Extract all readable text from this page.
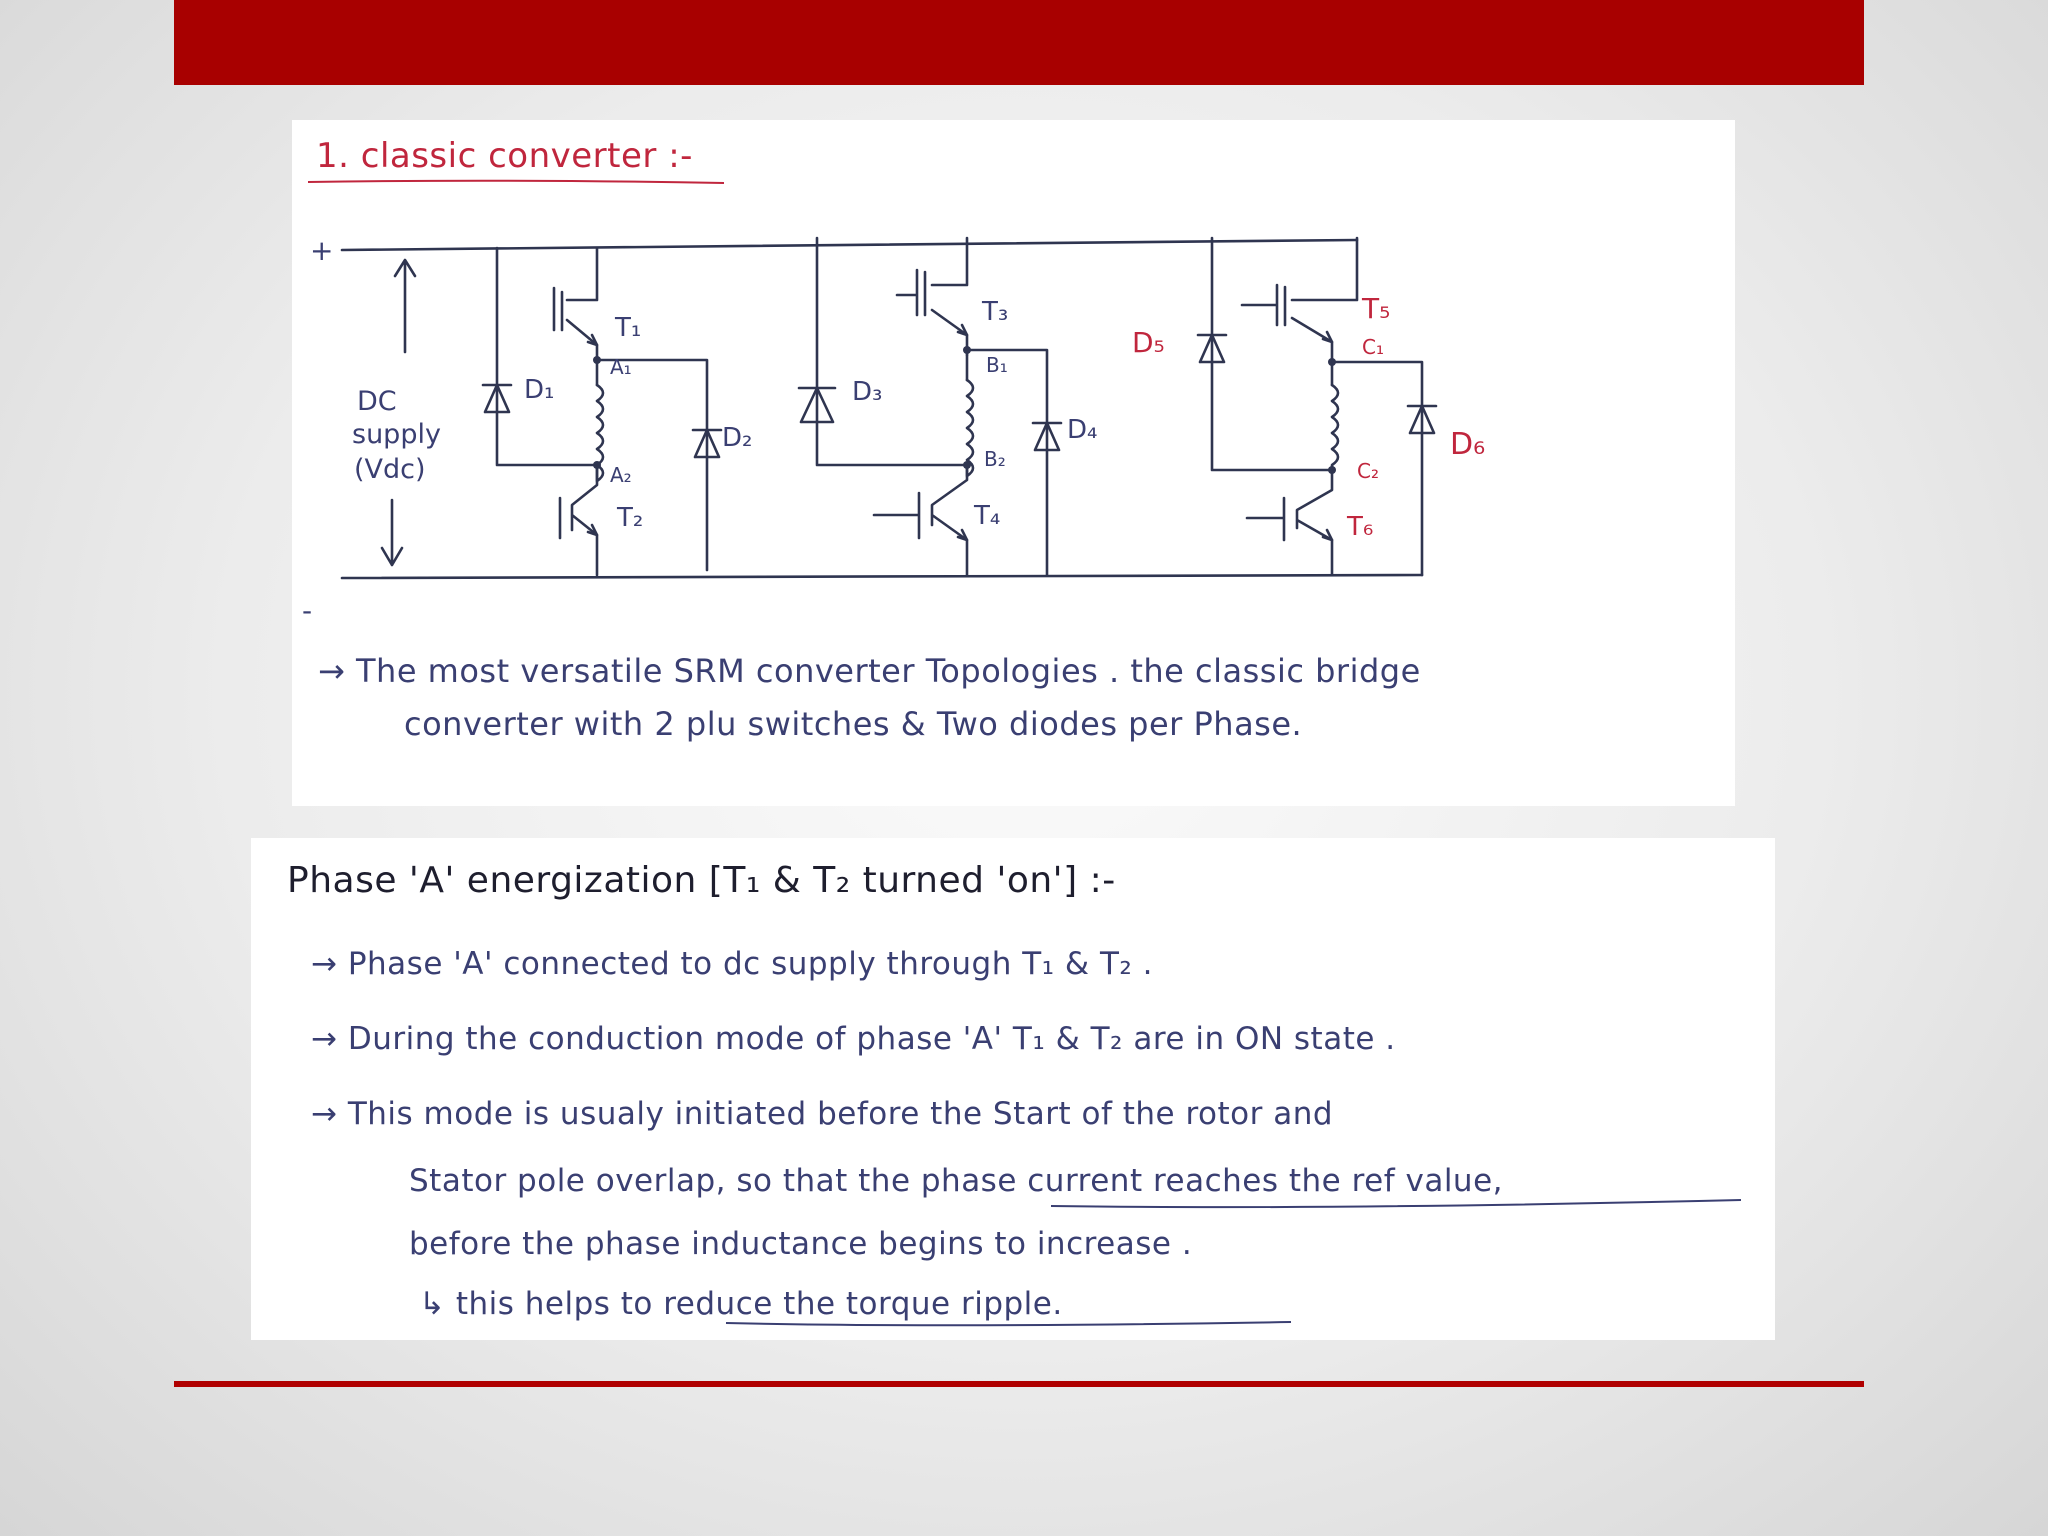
1. classic converter :-
+
-
DC
supply
(Vdc)
T₁
T₂
D₁
D₂
A₁
A₂
T₃
T₄
D₃
D₄
B₁
B₂
T₅
T₆
D₅
D₆
C₁
C₂
→ The most versatile SRM converter Topologies . the classic bridge
converter with 2 plu switches & Two diodes per Phase.
Phase 'A' energization [T₁ & T₂ turned 'on'] :-
→ Phase 'A' connected to dc supply through T₁ & T₂ .
→ During the conduction mode of phase 'A' T₁ & T₂ are in ON state .
→ This mode is usualy initiated before the Start of the rotor and
Stator pole overlap, so that the phase current reaches the ref value,
before the phase inductance begins to increase .
↳ this helps to reduce the torque ripple.
